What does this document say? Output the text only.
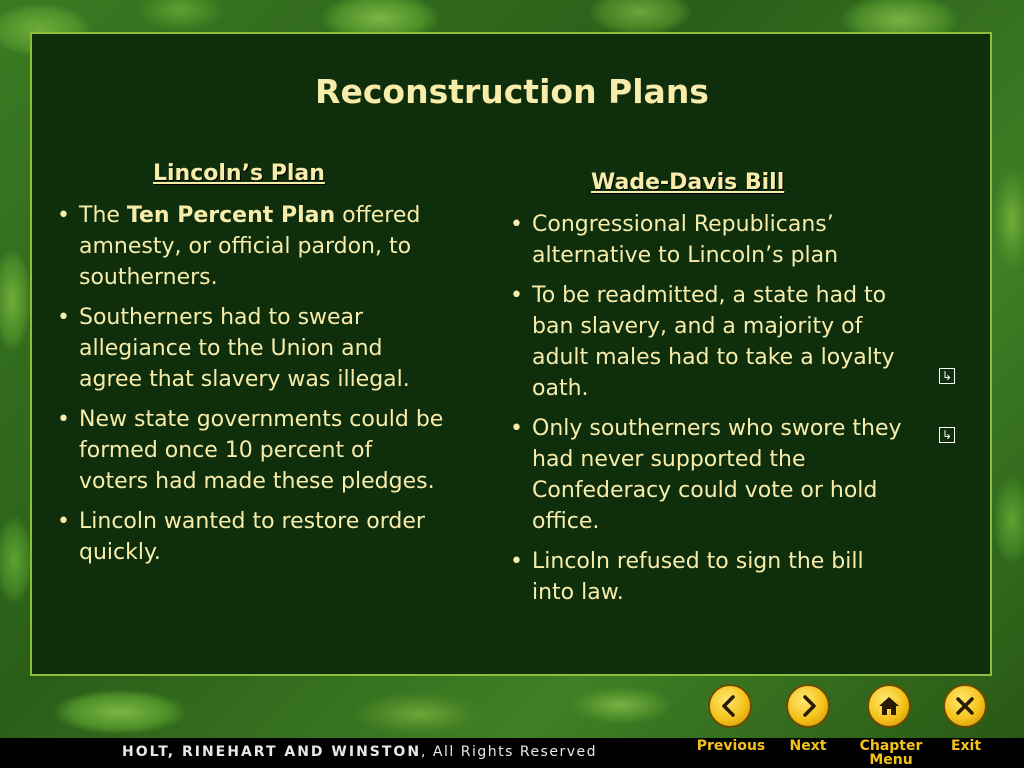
Reconstruction Plans
Lincoln’s Plan
• The Ten Percent Plan offered amnesty, or official pardon, to southerners.
• Southerners had to swear allegiance to the Union and agree that slavery was illegal.
• New state governments could be formed once 10 percent of voters had made these pledges.
• Lincoln wanted to restore order quickly.
Wade-Davis Bill
• Congressional Republicans’ alternative to Lincoln’s plan
• To be readmitted, a state had to ban slavery, and a majority of adult males had to take a loyalty oath.
• Only southerners who swore they had never supported the Confederacy could vote or hold office.
• Lincoln refused to sign the bill into law.
↳
↳
HOLT, RINEHART AND WINSTON, All Rights Reserved	Previous	Next	Chapter
Menu
Exit
